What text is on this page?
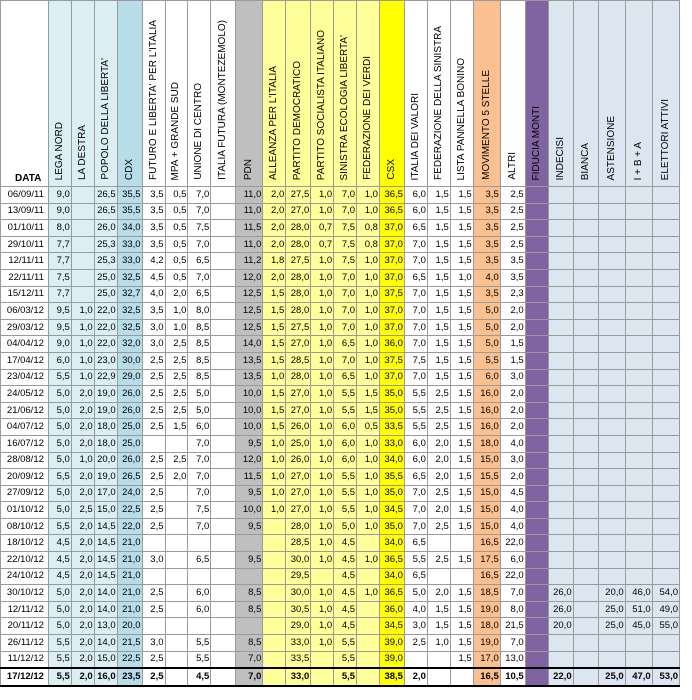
DATA	LEGA NORD	LA DESTRA	POPOLO DELLA LIBERTA'	CDX	FUTURO E LIBERTA' PER L'ITALIA	MPA + GRANDE SUD	UNIONE DI CENTRO	ITALIA FUTURA (MONTEZEMOLO)	PDN	ALLEANZA PER L'ITALIA	PARTITO DEMOCRATICO	PARTITO SOCIALISTA ITALIANO	SINISTRA ECOLOGIA LIBERTA'	FEDERAZIONE DEI VERDI	CSX	ITALIA DEI VALORI	FEDERAZIONE DELLA SINISTRA	LISTA PANNELLA BONINO	MOVIMENTO 5 STELLE	ALTRI	FIDUCIA MONTI	INDECISI	BIANCA	ASTENSIONE	I + B + A	ELETTORI ATTIVI
06/09/11	9,0		26,5	35,5	3,5	0,5	7,0		11,0	2,0	27,5	1,0	7,0	1,0	36,5	6,0	1,5	1,5	3,5	2,5						
13/09/11	9,0		26,5	35,5	3,5	0,5	7,0		11,0	2,0	27,0	1,0	7,0	1,0	36,5	6,0	1,5	1,5	3,5	2,5						
01/10/11	8,0		26,0	34,0	3,5	0,5	7,5		11,5	2,0	28,0	0,7	7,5	0,8	37,0	6,5	1,5	1,5	3,5	2,5						
29/10/11	7,7		25,3	33,0	3,5	0,5	7,0		11,0	2,0	28,0	0,7	7,5	0,8	37,0	7,0	1,5	1,5	3,5	2,5						
12/11/11	7,7		25,3	33,0	4,2	0,5	6,5		11,2	1,8	27,5	1,0	7,5	1,0	37,0	7,0	1,5	1,5	3,5	3,5						
22/11/11	7,5		25,0	32,5	4,5	0,5	7,0		12,0	2,0	28,0	1,0	7,0	1,0	37,0	6,5	1,5	1,0	4,0	3,5						
15/12/11	7,7		25,0	32,7	4,0	2,0	6,5		12,5	1,5	28,0	1,0	7,0	1,0	37,5	7,0	1,5	1,5	3,5	2,3						
06/03/12	9,5	1,0	22,0	32,5	3,5	1,0	8,0		12,5	1,5	28,0	1,0	7,0	1,0	37,0	7,0	1,5	1,5	5,0	2,0						
29/03/12	9,5	1,0	22,0	32,5	3,0	1,0	8,5		12,5	1,5	27,5	1,0	7,0	1,0	37,0	7,0	1,5	1,5	5,0	2,0						
04/04/12	9,0	1,0	22,0	32,0	3,0	2,5	8,5		14,0	1,5	27,0	1,0	6,5	1,0	36,0	7,0	1,5	1,5	5,0	1,5						
17/04/12	6,0	1,0	23,0	30,0	2,5	2,5	8,5		13,5	1,5	28,5	1,0	7,0	1,0	37,5	7,5	1,5	1,5	5,5	1,5						
23/04/12	5,5	1,0	22,9	29,0	2,5	2,5	8,5		13,5	1,0	28,0	1,0	6,5	1,0	37,0	7,0	1,5	1,5	6,0	3,0						
24/05/12	5,0	2,0	19,0	26,0	2,5	2,5	5,0		10,0	1,5	27,0	1,0	5,5	1,5	35,0	5,5	2,5	1,5	16,0	2,0						
21/06/12	5,0	2,0	19,0	26,0	2,5	2,5	5,0		10,0	1,5	27,0	1,0	5,5	1,5	35,0	5,5	2,5	1,5	16,0	2,0						
04/07/12	5,0	2,0	18,0	25,0	2,5	1,5	6,0		10,0	1,5	26,0	1,0	6,0	0,5	33,5	5,5	2,5	1,5	16,0	2,0						
16/07/12	5,0	2,0	18,0	25,0			7,0		9,5	1,0	25,0	1,0	6,0	1,0	33,0	6,0	2,0	1,5	18,0	4,0						
28/08/12	5,0	1,0	20,0	26,0	2,5	2,5	7,0		12,0	1,0	26,0	1,0	6,0	1,0	34,0	6,0	2,0	1,5	15,0	3,0						
20/09/12	5,5	2,0	19,0	26,5	2,5	2,0	7,0		11,5	1,0	27,0	1,0	5,5	1,0	35,5	6,5	2,0	1,5	15,5	2,0						
27/09/12	5,0	2,0	17,0	24,0	2,5		7,0		9,5	1,0	27,0	1,0	5,5	1,0	35,0	7,0	2,5	1,5	15,0	4,5						
01/10/12	5,0	2,5	15,0	22,5	2,5		7,5		10,0	1,0	27,0	1,0	5,5	1,0	34,5	7,0	2,0	1,5	15,0	4,0						
08/10/12	5,5	2,0	14,5	22,0	2,5		7,0		9,5		28,0	1,0	5,0	1,0	35,0	7,0	2,5	1,5	15,0	4,0						
18/10/12	4,5	2,0	14,5	21,0							28,5	1,0	4,5		34,0	6,5			16,5	22,0						
22/10/12	4,5	2,0	14,5	21,0	3,0		6,5		9,5		30,0	1,0	4,5	1,0	36,5	5,5	2,5	1,5	17,5	6,0						
24/10/12	4,5	2,0	14,5	21,0							29,5		4,5		34,0	6,5			16,5	22,0						
30/10/12	5,0	2,0	14,0	21,0	2,5		6,0		8,5		30,0	1,0	4,5	1,0	36,5	5,0	2,0	1,5	18,5	7,0		26,0		20,0	46,0	54,0
12/11/12	5,0	2,0	14,0	21,0	2,5		6,0		8,5		30,5	1,0	4,5		36,0	4,0	1,5	1,5	19,0	8,0		26,0		25,0	51,0	49,0
20/11/12	5,0	2,0	13,0	20,0							29,0	1,0	4,5		34,5	3,0	1,5	1,5	18,0	21,5		20,0		25,0	45,0	55,0
26/11/12	5,5	2,0	14,0	21,5	3,0		5,5		8,5		33,0	1,0	5,5		39,0	2,5	1,0	1,5	19,0	7,0						
11/12/12	5,5	2,0	15,0	22,5	2,5		5,5		7,0		33,5		5,5		39,0			1,5	17,0	13,0						
17/12/12	5,5	2,0	16,0	23,5	2,5		4,5		7,0		33,0		5,5		38,5	2,0			16,5	10,5		22,0		25,0	47,0	53,0
